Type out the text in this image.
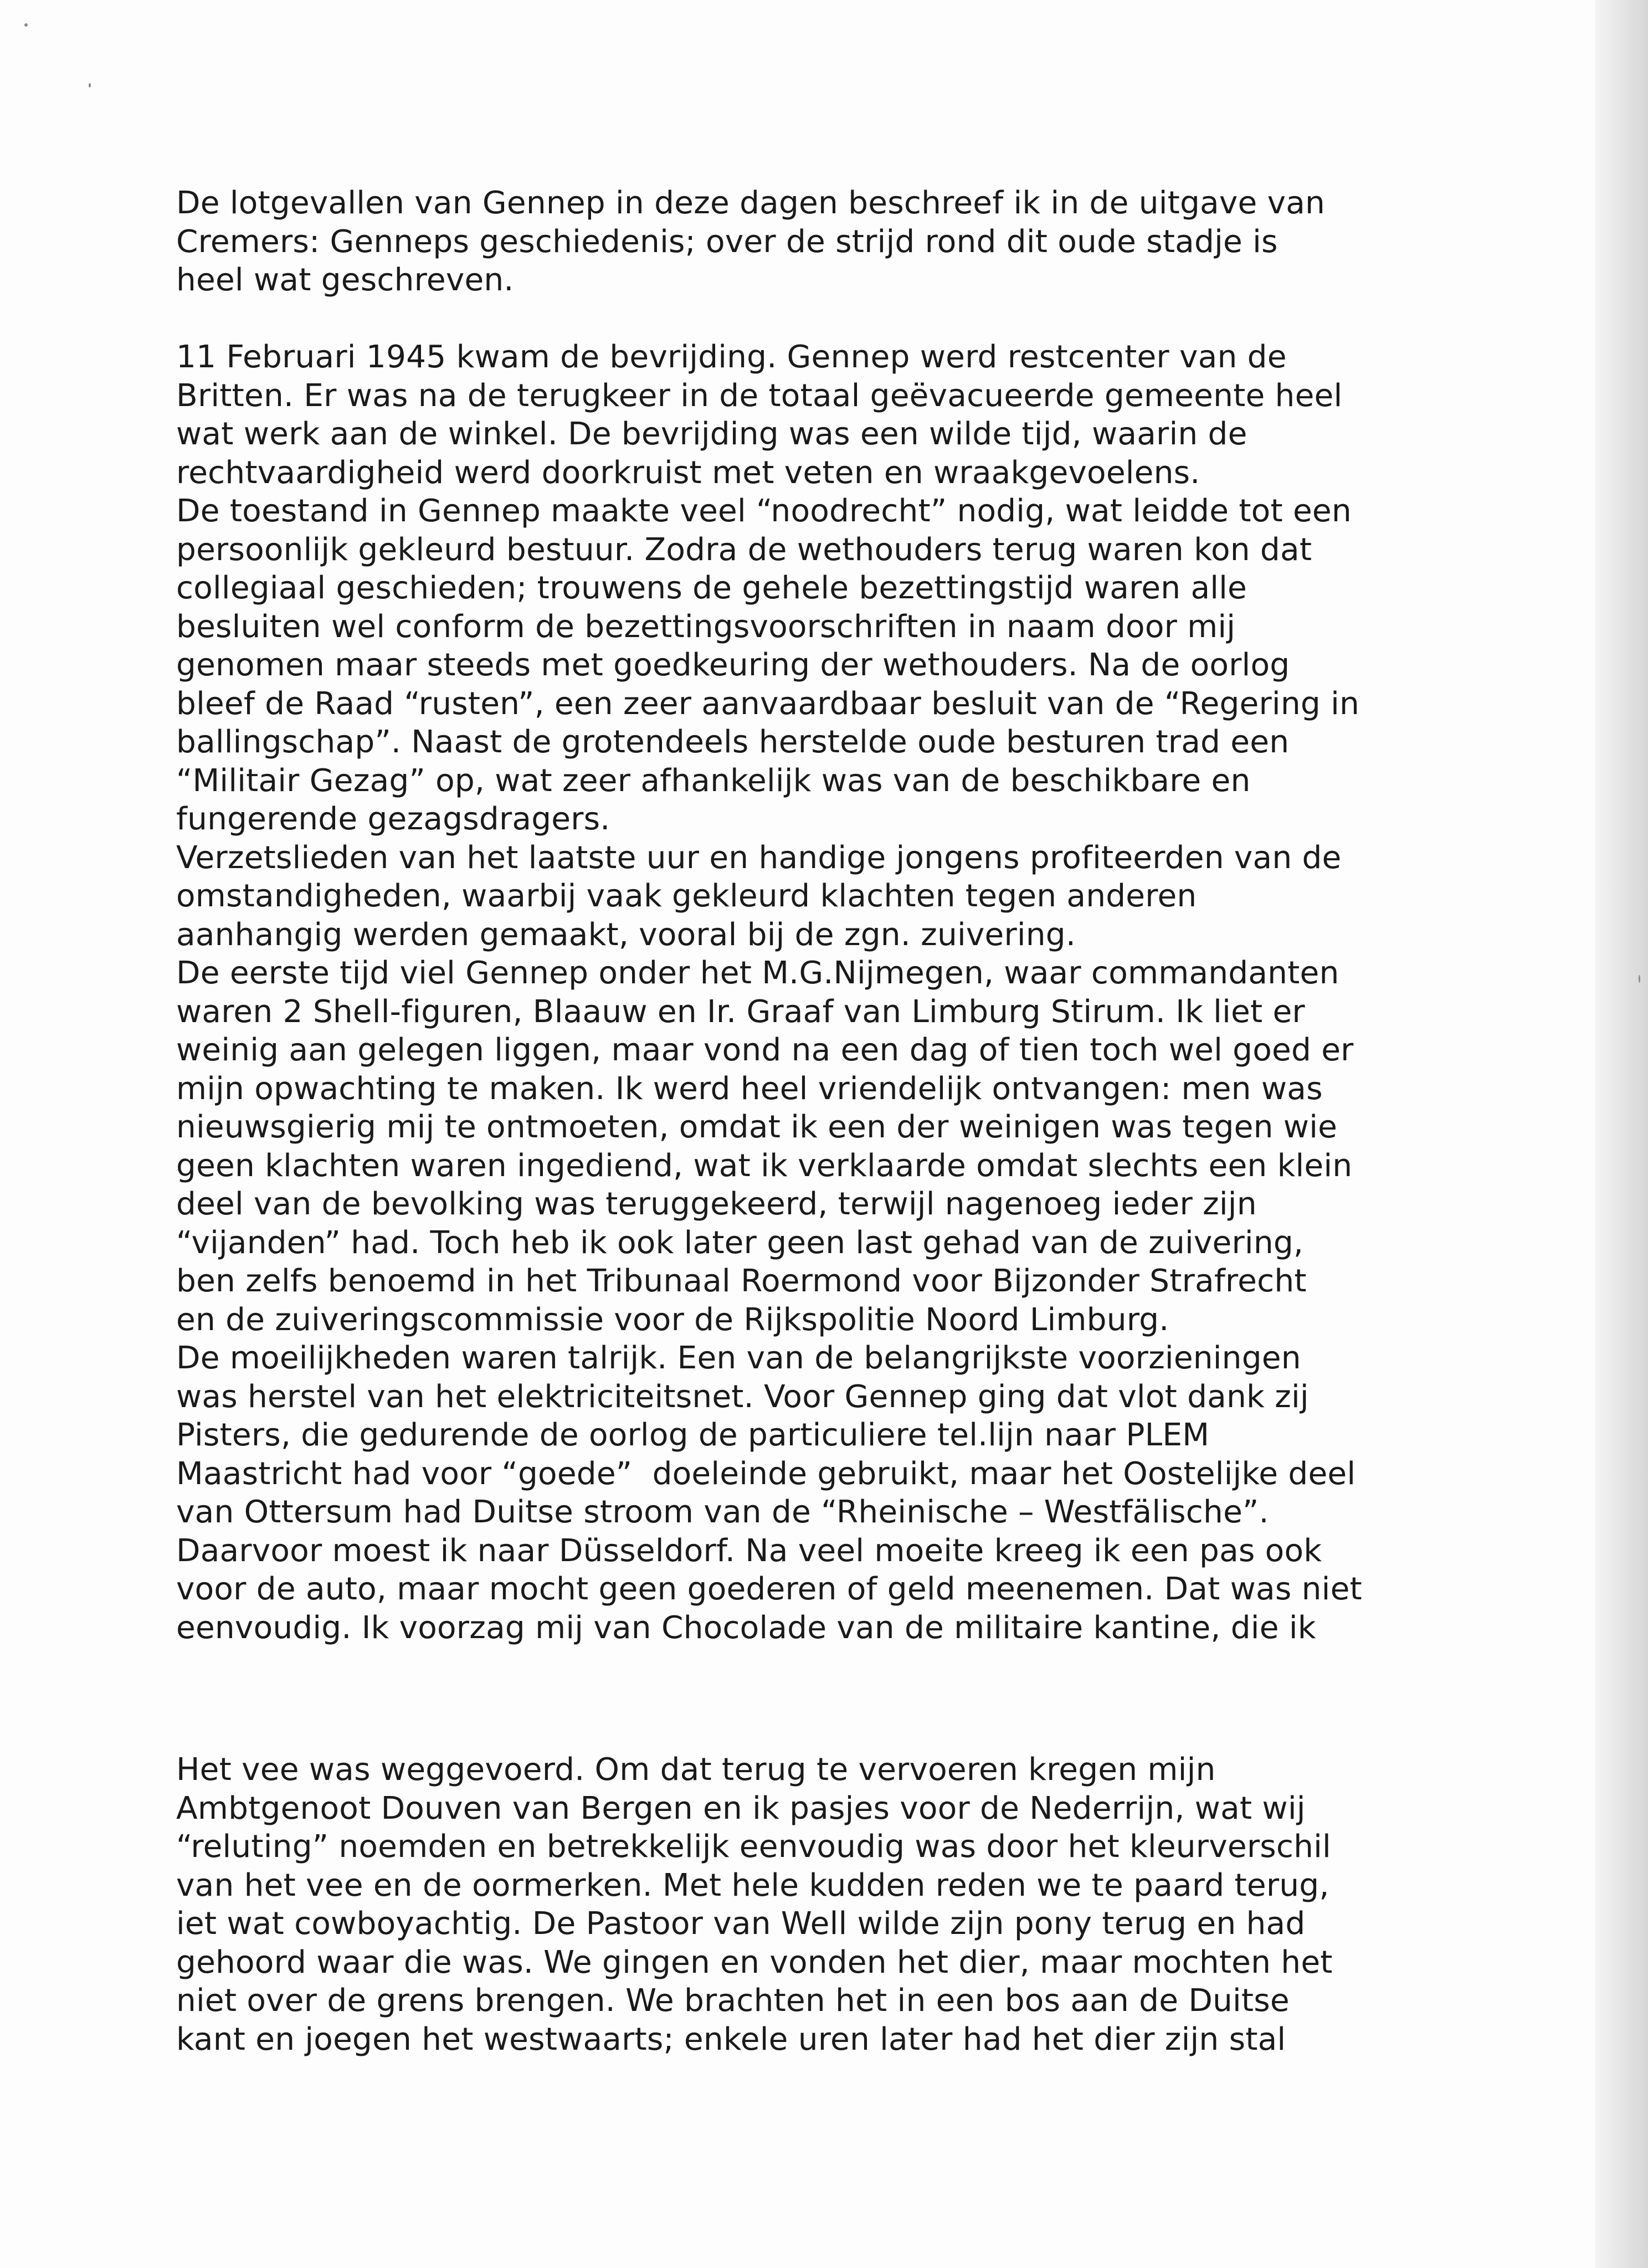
De lotgevallen van Gennep in deze dagen beschreef ik in de uitgave van
Cremers: Genneps geschiedenis; over de strijd rond dit oude stadje is
heel wat geschreven.
11 Februari 1945 kwam de bevrijding. Gennep werd restcenter van de
Britten. Er was na de terugkeer in de totaal geëvacueerde gemeente heel
wat werk aan de winkel. De bevrijding was een wilde tijd, waarin de
rechtvaardigheid werd doorkruist met veten en wraakgevoelens.
De toestand in Gennep maakte veel “noodrecht” nodig, wat leidde tot een
persoonlijk gekleurd bestuur. Zodra de wethouders terug waren kon dat
collegiaal geschieden; trouwens de gehele bezettingstijd waren alle
besluiten wel conform de bezettingsvoorschriften in naam door mij
genomen maar steeds met goedkeuring der wethouders. Na de oorlog
bleef de Raad “rusten”, een zeer aanvaardbaar besluit van de “Regering in
ballingschap”. Naast de grotendeels herstelde oude besturen trad een
“Militair Gezag” op, wat zeer afhankelijk was van de beschikbare en
fungerende gezagsdragers.
Verzetslieden van het laatste uur en handige jongens profiteerden van de
omstandigheden, waarbij vaak gekleurd klachten tegen anderen
aanhangig werden gemaakt, vooral bij de zgn. zuivering.
De eerste tijd viel Gennep onder het M.G.Nijmegen, waar commandanten
waren 2 Shell-figuren, Blaauw en Ir. Graaf van Limburg Stirum. Ik liet er
weinig aan gelegen liggen, maar vond na een dag of tien toch wel goed er
mijn opwachting te maken. Ik werd heel vriendelijk ontvangen: men was
nieuwsgierig mij te ontmoeten, omdat ik een der weinigen was tegen wie
geen klachten waren ingediend, wat ik verklaarde omdat slechts een klein
deel van de bevolking was teruggekeerd, terwijl nagenoeg ieder zijn
“vijanden” had. Toch heb ik ook later geen last gehad van de zuivering,
ben zelfs benoemd in het Tribunaal Roermond voor Bijzonder Strafrecht
en de zuiveringscommissie voor de Rijkspolitie Noord Limburg.
De moeilijkheden waren talrijk. Een van de belangrijkste voorzieningen
was herstel van het elektriciteitsnet. Voor Gennep ging dat vlot dank zij
Pisters, die gedurende de oorlog de particuliere tel.lijn naar PLEM
Maastricht had voor “goede”  doeleinde gebruikt, maar het Oostelijke deel
van Ottersum had Duitse stroom van de “Rheinische – Westfälische”.
Daarvoor moest ik naar Düsseldorf. Na veel moeite kreeg ik een pas ook
voor de auto, maar mocht geen goederen of geld meenemen. Dat was niet
eenvoudig. Ik voorzag mij van Chocolade van de militaire kantine, die ik
Het vee was weggevoerd. Om dat terug te vervoeren kregen mijn
Ambtgenoot Douven van Bergen en ik pasjes voor de Nederrijn, wat wij
“reluting” noemden en betrekkelijk eenvoudig was door het kleurverschil
van het vee en de oormerken. Met hele kudden reden we te paard terug,
iet wat cowboyachtig. De Pastoor van Well wilde zijn pony terug en had
gehoord waar die was. We gingen en vonden het dier, maar mochten het
niet over de grens brengen. We brachten het in een bos aan de Duitse
kant en joegen het westwaarts; enkele uren later had het dier zijn stal
